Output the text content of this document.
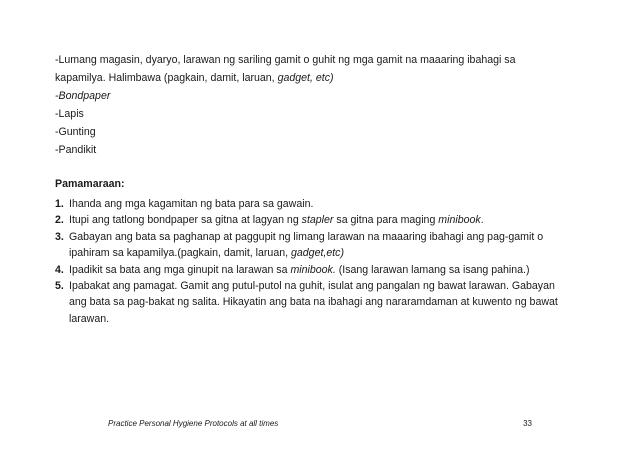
-Lumang magasin, dyaryo, larawan ng sariling gamit o guhit ng mga gamit na maaaring ibahagi sa
kapamilya. Halimbawa (pagkain, damit, laruan, gadget, etc)
-Bondpaper
-Lapis
-Gunting
-Pandikit
Pamamaraan:
1. Ihanda ang mga kagamitan ng bata para sa gawain.
2. Itupi ang tatlong bondpaper sa gitna at lagyan ng stapler sa gitna para maging minibook.
3. Gabayan ang bata sa paghanap at paggupit ng limang larawan na maaaring ibahagi ang pag-gamit o
ipahiram sa kapamilya.(pagkain, damit, laruan, gadget,etc)
4. Ipadikit sa bata ang mga ginupit na larawan sa minibook. (Isang larawan lamang sa isang pahina.)
5. Ipabakat ang pamagat. Gamit ang putul-putol na guhit, isulat ang pangalan ng bawat larawan. Gabayan
ang bata sa pag-bakat ng salita. Hikayatin ang bata na ibahagi ang nararamdaman at kuwento ng bawat
larawan.
Practice Personal Hygiene Protocols at all times	33
